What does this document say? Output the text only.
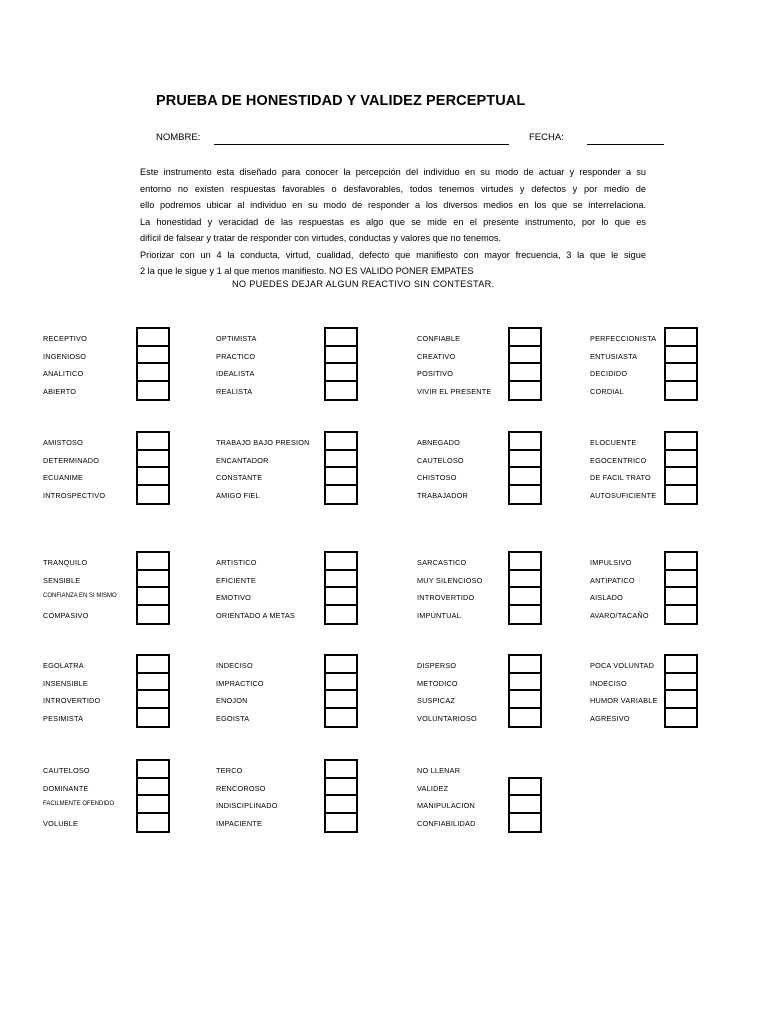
PRUEBA DE HONESTIDAD Y VALIDEZ PERCEPTUAL
NOMBRE:	FECHA:
Este instrumento esta diseñado para conocer la percepción del individuo en su modo de actuar y responder a su
entorno no existen respuestas favorables o desfavorables, todos tenemos virtudes y defectos y por medio de
ello podremos ubicar al individuo en su modo de responder a los diversos medios en los que se interrelaciona.
La honestidad y veracidad de las respuestas es algo que se mide en el presente instrumento, por lo que es
difícil de falsear y tratar de responder con virtudes, conductas y valores que no tenemos.
Priorizar con un 4 la conducta, virtud, cualidad, defecto que manifiesto con mayor frecuencia, 3 la que le sigue
2 la que le sigue y 1 al que menos manifiesto. NO ES VALIDO PONER EMPATES
NO PUEDES DEJAR ALGUN REACTIVO SIN CONTESTAR.
RECEPTIVO
INGENIOSO
ANALITICO
ABIERTO
OPTIMISTA
PRACTICO
IDEALISTA
REALISTA
CONFIABLE
CREATIVO
POSITIVO
VIVIR EL PRESENTE
PERFECCIONISTA
ENTUSIASTA
DECIDIDO
CORDIAL
AMISTOSO
DETERMINADO
ECUANIME
INTROSPECTIVO
TRABAJO BAJO PRESION
ENCANTADOR
CONSTANTE
AMIGO FIEL
ABNEGADO
CAUTELOSO
CHISTOSO
TRABAJADOR
ELOCUENTE
EGOCENTRICO
DE FACIL TRATO
AUTOSUFICIENTE
TRANQUILO
SENSIBLE
CONFIANZA EN SI MISMO
COMPASIVO
ARTISTICO
EFICIENTE
EMOTIVO
ORIENTADO A METAS
SARCASTICO
MUY SILENCIOSO
INTROVERTIDO
IMPUNTUAL
IMPULSIVO
ANTIPATICO
AISLADO
AVARO/TACAÑO
EGOLATRA
INSENSIBLE
INTROVERTIDO
PESIMISTA
INDECISO
IMPRACTICO
ENOJON
EGOISTA
DISPERSO
METODICO
SUSPICAZ
VOLUNTARIOSO
POCA VOLUNTAD
INDECISO
HUMOR VARIABLE
AGRESIVO
CAUTELOSO
DOMINANTE
FACILMENTE OFENDIDO
VOLUBLE
TERCO
RENCOROSO
INDISCIPLINADO
IMPACIENTE
NO LLENAR
VALIDEZ
MANIPULACION
CONFIABILIDAD
